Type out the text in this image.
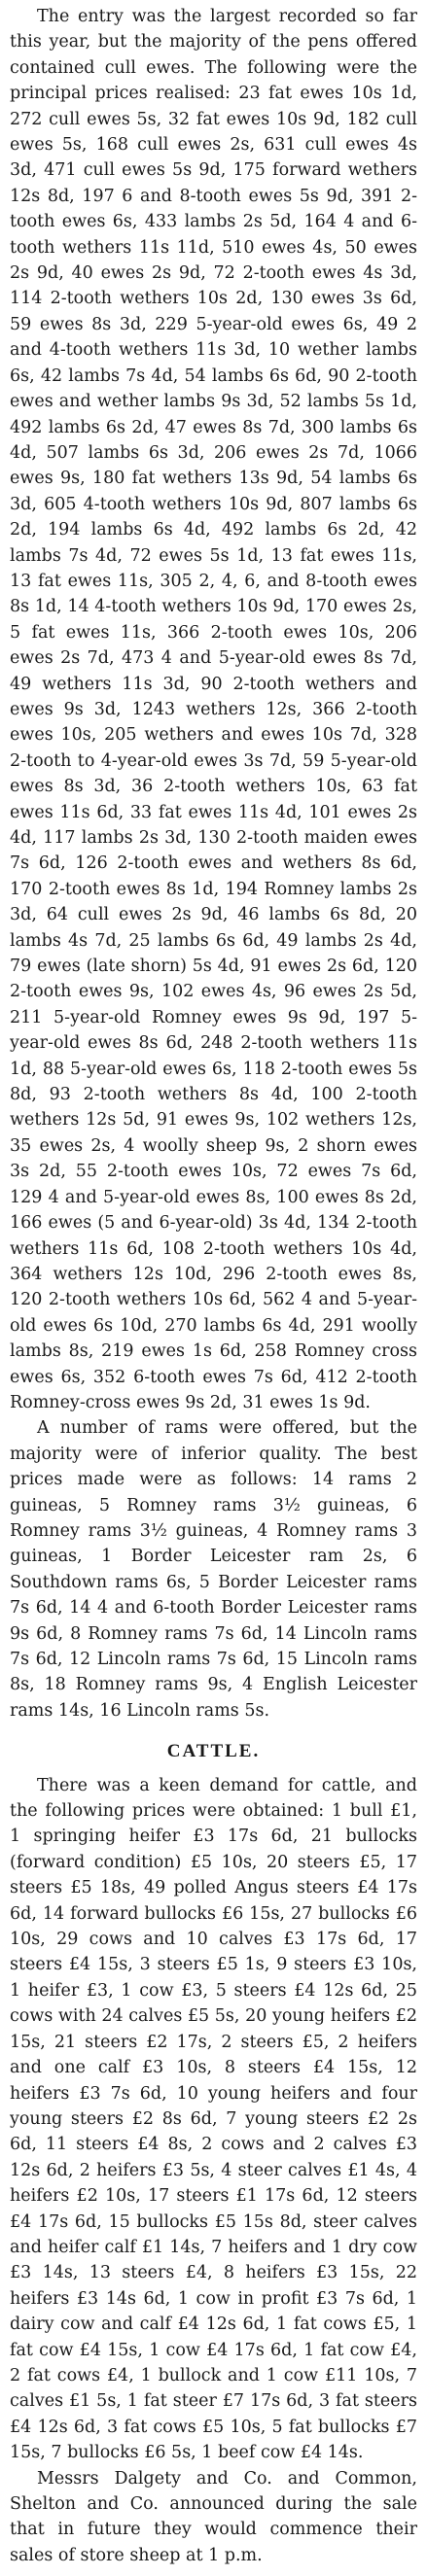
The entry was the largest recorded so far this year, but the majority of the pens offered contained cull ewes. The following were the principal prices realised: 23 fat ewes 10s 1d, 272 cull ewes 5s, 32 fat ewes 10s 9d, 182 cull ewes 5s, 168 cull ewes 2s, 631 cull ewes 4s 3d, 471 cull ewes 5s 9d, 175 forward wethers 12s 8d, 197 6 and 8-tooth ewes 5s 9d, 391 2-tooth ewes 6s, 433 lambs 2s 5d, 164 4 and 6-tooth wethers 11s 11d, 510 ewes 4s, 50 ewes 2s 9d, 40 ewes 2s 9d, 72 2-tooth ewes 4s 3d, 114 2-tooth wethers 10s 2d, 130 ewes 3s 6d, 59 ewes 8s 3d, 229 5-year-old ewes 6s, 49 2 and 4-tooth wethers 11s 3d, 10 wether lambs 6s, 42 lambs 7s 4d, 54 lambs 6s 6d, 90 2-tooth ewes and wether lambs 9s 3d, 52 lambs 5s 1d, 492 lambs 6s 2d, 47 ewes 8s 7d, 300 lambs 6s 4d, 507 lambs 6s 3d, 206 ewes 2s 7d, 1066 ewes 9s, 180 fat wethers 13s 9d, 54 lambs 6s 3d, 605 4-tooth wethers 10s 9d, 807 lambs 6s 2d, 194 lambs 6s 4d, 492 lambs 6s 2d, 42 lambs 7s 4d, 72 ewes 5s 1d, 13 fat ewes 11s, 13 fat ewes 11s, 305 2, 4, 6, and 8-tooth ewes 8s 1d, 14 4-tooth wethers 10s 9d, 170 ewes 2s, 5 fat ewes 11s, 366 2-tooth ewes 10s, 206 ewes 2s 7d, 473 4 and 5-year-old ewes 8s 7d, 49 wethers 11s 3d, 90 2-tooth wethers and ewes 9s 3d, 1243 wethers 12s, 366 2-tooth ewes 10s, 205 wethers and ewes 10s 7d, 328 2-tooth to 4-year-old ewes 3s 7d, 59 5-year-old ewes 8s 3d, 36 2-tooth wethers 10s, 63 fat ewes 11s 6d, 33 fat ewes 11s 4d, 101 ewes 2s 4d, 117 lambs 2s 3d, 130 2-tooth maiden ewes 7s 6d, 126 2-tooth ewes and wethers 8s 6d, 170 2-tooth ewes 8s 1d, 194 Romney lambs 2s 3d, 64 cull ewes 2s 9d, 46 lambs 6s 8d, 20 lambs 4s 7d, 25 lambs 6s 6d, 49 lambs 2s 4d, 79 ewes (late shorn) 5s 4d, 91 ewes 2s 6d, 120 2-tooth ewes 9s, 102 ewes 4s, 96 ewes 2s 5d, 211 5-year-old Romney ewes 9s 9d, 197 5-year-old ewes 8s 6d, 248 2-tooth wethers 11s 1d, 88 5-year-old ewes 6s, 118 2-tooth ewes 5s 8d, 93 2-tooth wethers 8s 4d, 100 2-tooth wethers 12s 5d, 91 ewes 9s, 102 wethers 12s, 35 ewes 2s, 4 woolly sheep 9s, 2 shorn ewes 3s 2d, 55 2-tooth ewes 10s, 72 ewes 7s 6d, 129 4 and 5-year-old ewes 8s, 100 ewes 8s 2d, 166 ewes (5 and 6-year-old) 3s 4d, 134 2-tooth wethers 11s 6d, 108 2-tooth wethers 10s 4d, 364 wethers 12s 10d, 296 2-tooth ewes 8s, 120 2-tooth wethers 10s 6d, 562 4 and 5-year-old ewes 6s 10d, 270 lambs 6s 4d, 291 woolly lambs 8s, 219 ewes 1s 6d, 258 Romney cross ewes 6s, 352 6-tooth ewes 7s 6d, 412 2-tooth Romney-cross ewes 9s 2d, 31 ewes 1s 9d.

A number of rams were offered, but the majority were of inferior quality. The best prices made were as follows: 14 rams 2 guineas, 5 Romney rams 3½ guineas, 6 Romney rams 3½ guineas, 4 Romney rams 3 guineas, 1 Border Leicester ram 2s, 6 Southdown rams 6s, 5 Border Leicester rams 7s 6d, 14 4 and 6-tooth Border Leicester rams 9s 6d, 8 Romney rams 7s 6d, 14 Lincoln rams 7s 6d, 12 Lincoln rams 7s 6d, 15 Lincoln rams 8s, 18 Romney rams 9s, 4 English Leicester rams 14s, 16 Lincoln rams 5s.

CATTLE.

There was a keen demand for cattle, and the following prices were obtained: 1 bull £1, 1 springing heifer £3 17s 6d, 21 bullocks (forward condition) £5 10s, 20 steers £5, 17 steers £5 18s, 49 polled Angus steers £4 17s 6d, 14 forward bullocks £6 15s, 27 bullocks £6 10s, 29 cows and 10 calves £3 17s 6d, 17 steers £4 15s, 3 steers £5 1s, 9 steers £3 10s, 1 heifer £3, 1 cow £3, 5 steers £4 12s 6d, 25 cows with 24 calves £5 5s, 20 young heifers £2 15s, 21 steers £2 17s, 2 steers £5, 2 heifers and one calf £3 10s, 8 steers £4 15s, 12 heifers £3 7s 6d, 10 young heifers and four young steers £2 8s 6d, 7 young steers £2 2s 6d, 11 steers £4 8s, 2 cows and 2 calves £3 12s 6d, 2 heifers £3 5s, 4 steer calves £1 4s, 4 heifers £2 10s, 17 steers £1 17s 6d, 12 steers £4 17s 6d, 15 bullocks £5 15s 8d, steer calves and heifer calf £1 14s, 7 heifers and 1 dry cow £3 14s, 13 steers £4, 8 heifers £3 15s, 22 heifers £3 14s 6d, 1 cow in profit £3 7s 6d, 1 dairy cow and calf £4 12s 6d, 1 fat cows £5, 1 fat cow £4 15s, 1 cow £4 17s 6d, 1 fat cow £4, 2 fat cows £4, 1 bullock and 1 cow £11 10s, 7 calves £1 5s, 1 fat steer £7 17s 6d, 3 fat steers £4 12s 6d, 3 fat cows £5 10s, 5 fat bullocks £7 15s, 7 bullocks £6 5s, 1 beef cow £4 14s.

Messrs Dalgety and Co. and Common, Shelton and Co. announced during the sale that in future they would commence their sales of store sheep at 1 p.m.
